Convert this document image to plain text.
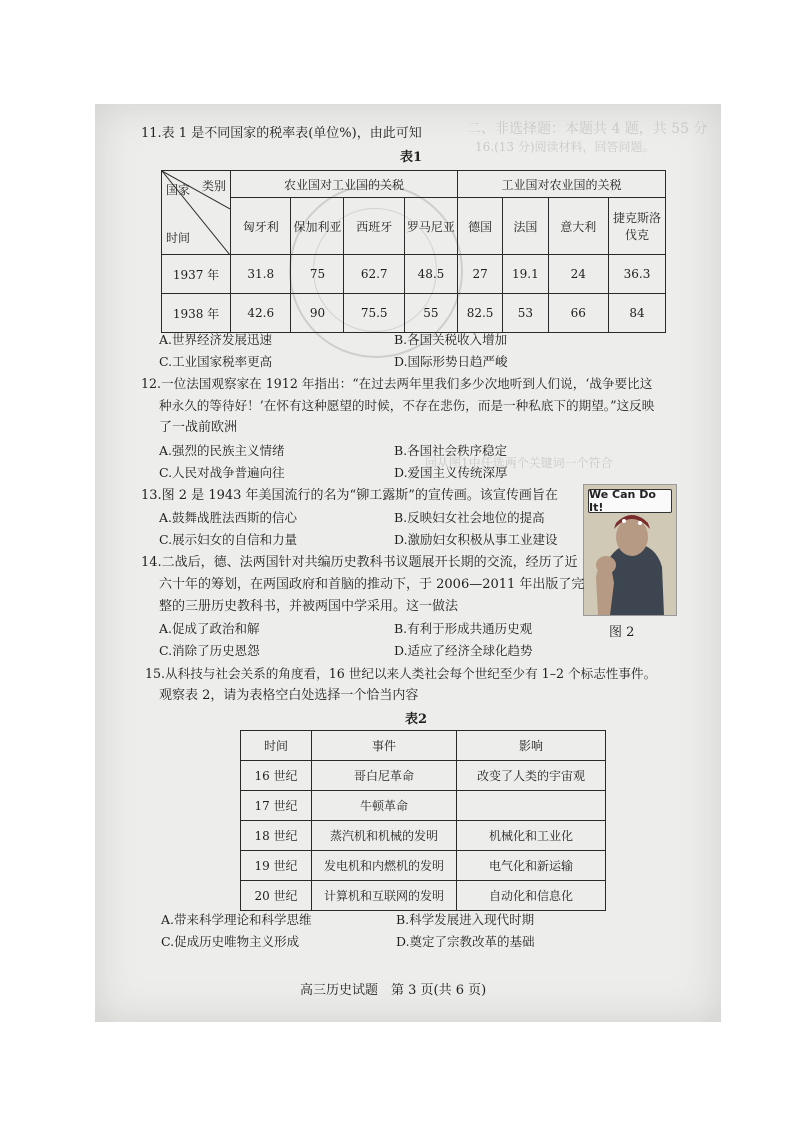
二、非选择题：本题共 4 题，共 55 分
16.(13 分)阅读材料，回答问题。
回从图1中任选两个关键词一个符合
11.表 1 是不同国家的税率表(单位%)，由此可知
表1
国家 类别
时间	农业国对工业国的关税				工业国对农业国的关税			
	匈牙利	保加利亚	西班牙	罗马尼亚	德国	法国	意大利	捷克斯洛伐克
1937 年	31.8	75	62.7	48.5	27	19.1	24	36.3
1938 年	42.6	90	75.5	55	82.5	53	66	84
A.世界经济发展迅速	B.各国关税收入增加
C.工业国家税率更高	D.国际形势日趋严峻
12.一位法国观察家在 1912 年指出：“在过去两年里我们多少次地听到人们说，‘战争要比这
种永久的等待好！’在怀有这种愿望的时候，不存在悲伤，而是一种私底下的期望。”这反映
了一战前欧洲
A.强烈的民族主义情绪	B.各国社会秩序稳定
C.人民对战争普遍向往	D.爱国主义传统深厚
13.图 2 是 1943 年美国流行的名为“铆工露斯”的宣传画。该宣传画旨在
A.鼓舞战胜法西斯的信心	B.反映妇女社会地位的提高
C.展示妇女的自信和力量	D.激励妇女积极从事工业建设
We Can Do It!
图 2
14.二战后，德、法两国针对共编历史教科书议题展开长期的交流，经历了近
六十年的筹划，在两国政府和首脑的推动下，于 2006—2011 年出版了完
整的三册历史教科书，并被两国中学采用。这一做法
A.促成了政治和解	B.有利于形成共通历史观
C.消除了历史恩怨	D.适应了经济全球化趋势
15.从科技与社会关系的角度看，16 世纪以来人类社会每个世纪至少有 1–2 个标志性事件。
观察表 2，请为表格空白处选择一个恰当内容
表2
时间	事件	影响
16 世纪	哥白尼革命	改变了人类的宇宙观
17 世纪	牛顿革命	
18 世纪	蒸汽机和机械的发明	机械化和工业化
19 世纪	发电机和内燃机的发明	电气化和新运输
20 世纪	计算机和互联网的发明	自动化和信息化
A.带来科学理论和科学思维	B.科学发展进入现代时期
C.促成历史唯物主义形成	D.奠定了宗教改革的基础
高三历史试题　第 3 页(共 6 页)
